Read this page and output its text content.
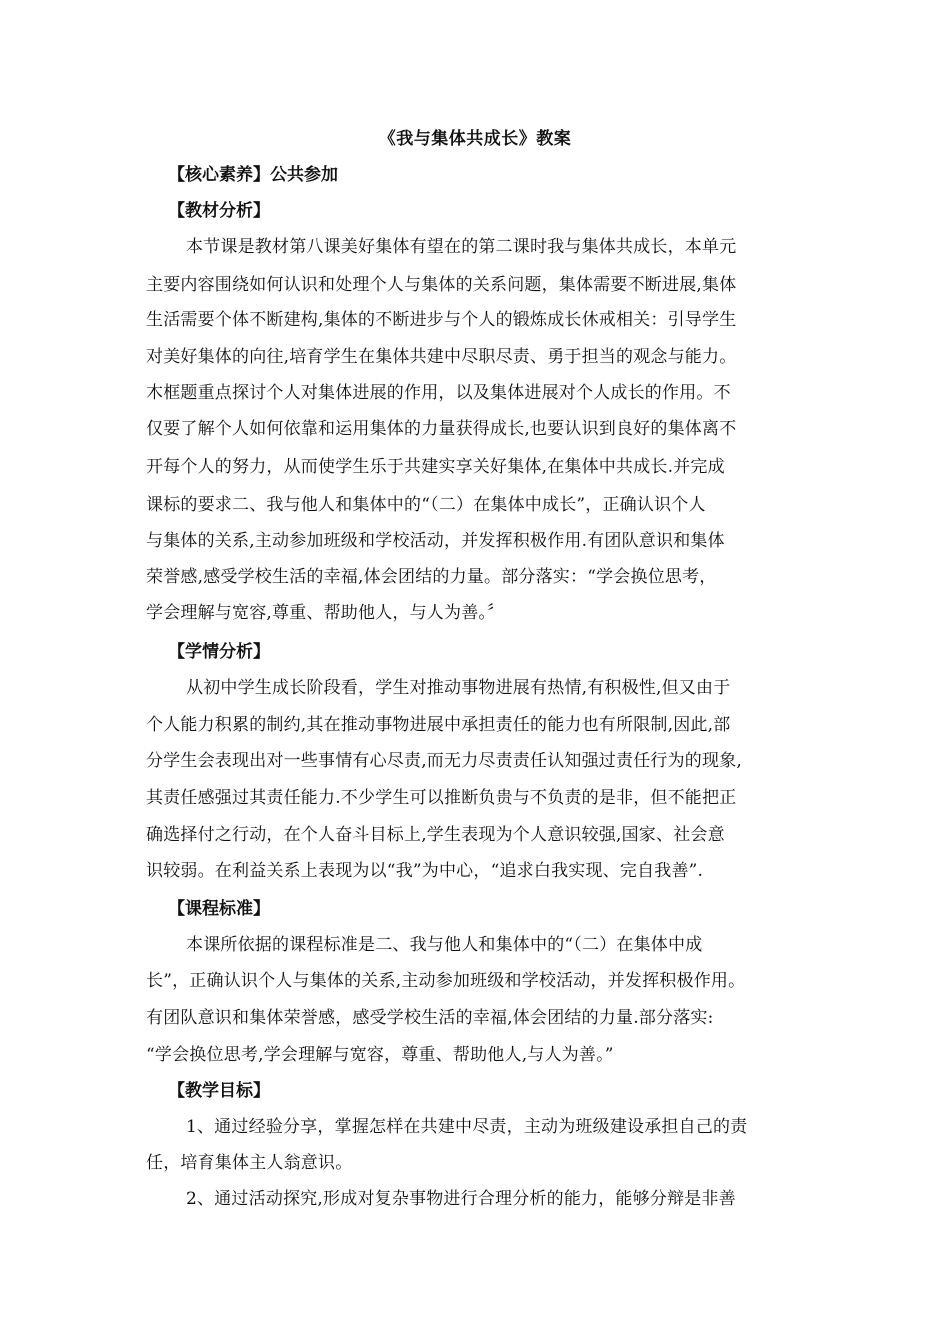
《我与集体共成长》教案
【核心素养】公共参加
【教材分析】
本节课是教材第八课美好集体有望在的第二课时我与集体共成长，本单元
主要内容围绕如何认识和处理个人与集体的关系问题，集体需要不断进展,集体
生活需要个体不断建构,集体的不断进步与个人的锻炼成长休戒相关：引导学生
对美好集体的向往,培育学生在集体共建中尽职尽责、勇于担当的观念与能力。
木框题重点探讨个人对集体进展的作用，以及集体进展对个人成长的作用。不
仅要了解个人如何依靠和运用集体的力量获得成长,也要认识到良好的集体离不
开每个人的努力，从而使学生乐于共建实享关好集体,在集体中共成长.并完成
课标的要求二、我与他人和集体中的“（二）在集体中成长”，正确认识个人
与集体的关系,主动参加班级和学校活动，并发挥积极作用.有团队意识和集体
荣誉感,感受学校生活的幸福,体会团结的力量。部分落实：“学会换位思考，
学会理解与宽容,尊重、帮助他人，与人为善。〞
【学情分析】
从初中学生成长阶段看，学生对推动事物进展有热情,有积极性,但又由于
个人能力积累的制约,其在推动事物进展中承担责任的能力也有所限制,因此,部
分学生会表现出对一些事情有心尽责,而无力尽责责任认知强过责任行为的现象,
其责任感强过其责任能力.不少学生可以推断负贵与不负责的是非，但不能把正
确选择付之行动，在个人奋斗目标上,学生表现为个人意识较强,国家、社会意
识较弱。在利益关系上表现为以“我”为中心，“追求白我实现、完自我善”.
【课程标准】
本课所依据的课程标准是二、我与他人和集体中的“（二）在集体中成
长”，正确认识个人与集体的关系,主动参加班级和学校活动，并发挥积极作用。
有团队意识和集体荣誉感，感受学校生活的幸福,体会团结的力量.部分落实:
“学会换位思考,学会理解与宽容，尊重、帮助他人,与人为善。”
【教学目标】
1、通过经验分享，掌握怎样在共建中尽责，主动为班级建设承担自己的责
任，培育集体主人翁意识。
2、通过活动探究,形成对复杂事物进行合理分析的能力，能够分辩是非善
